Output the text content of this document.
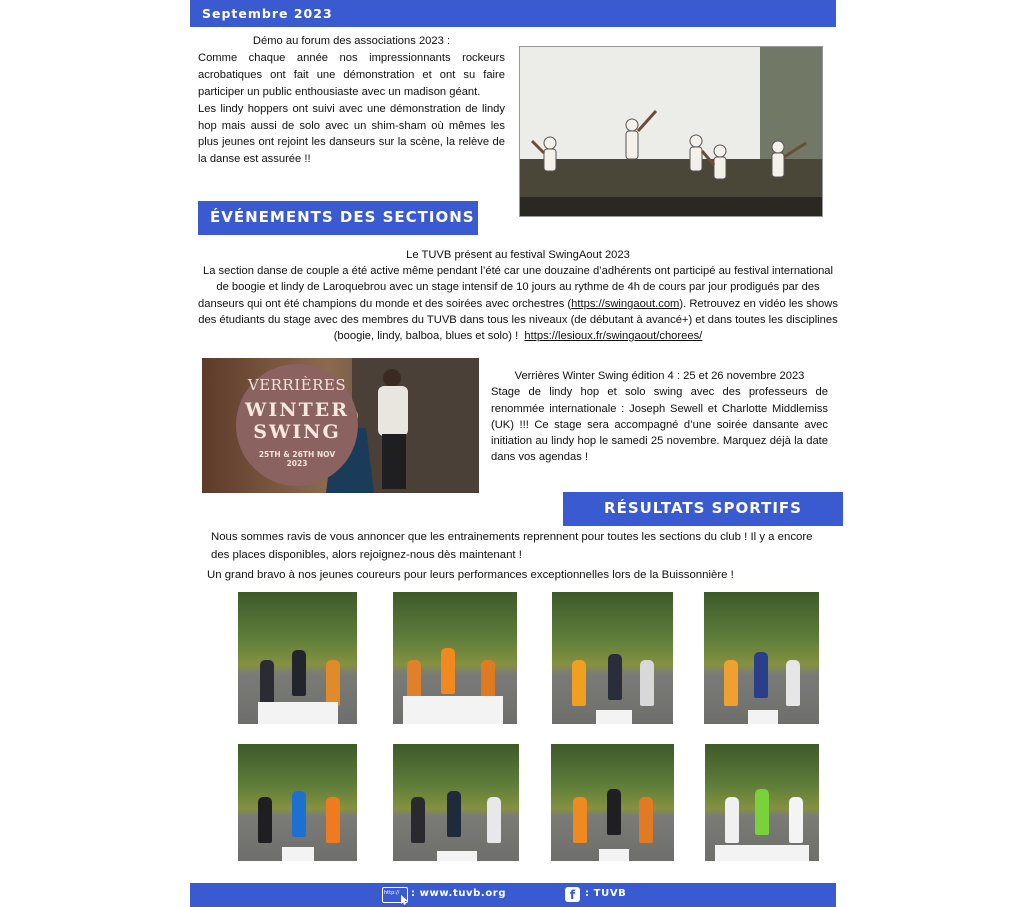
Septembre 2023
Démo au forum des associations 2023 :
Comme chaque année nos impressionnants rockeurs acrobatiques ont fait une démonstration et ont su faire participer un public enthousiaste avec un madison géant.
Les lindy hoppers ont suivi avec une démonstration de lindy hop mais aussi de solo avec un shim-sham où mêmes les plus jeunes ont rejoint les danseurs sur la scène, la relève de la danse est assurée !!
ÉVÉNEMENTS DES SECTIONS
Le TUVB présent au festival SwingAout 2023
La section danse de couple a été active même pendant l’été car une douzaine d’adhérents ont participé au festival international de boogie et lindy de Laroquebrou avec un stage intensif de 10 jours au rythme de 4h de cours par jour prodigués par des danseurs qui ont été champions du monde et des soirées avec orchestres (https://swingaout.com). Retrouvez en vidéo les shows des étudiants du stage avec des membres du TUVB dans tous les niveaux (de débutant à avancé+) et dans toutes les disciplines (boogie, lindy, balboa, blues et solo) ! https://lesioux.fr/swingaout/chorees/
VERRIÈRES
WINTER
SWING
25TH & 26TH NOV
2023
Verrières Winter Swing édition 4 : 25 et 26 novembre 2023
Stage de lindy hop et solo swing avec des professeurs de renommée internationale : Joseph Sewell et Charlotte Middlemiss (UK) !!! Ce stage sera accompagné d’une soirée dansante avec initiation au lindy hop le samedi 25 novembre. Marquez déjà la date dans vos agendas !
RÉSULTATS SPORTIFS
Nous sommes ravis de vous annoncer que les entrainements reprennent pour toutes les sections du club ! Il y a encore des places disponibles, alors rejoignez-nous dès maintenant !
Un grand bravo à nos jeunes coureurs pour leurs performances exceptionnelles lors de la Buissonnière !
http:// : www.tuvb.org	f : TUVB
